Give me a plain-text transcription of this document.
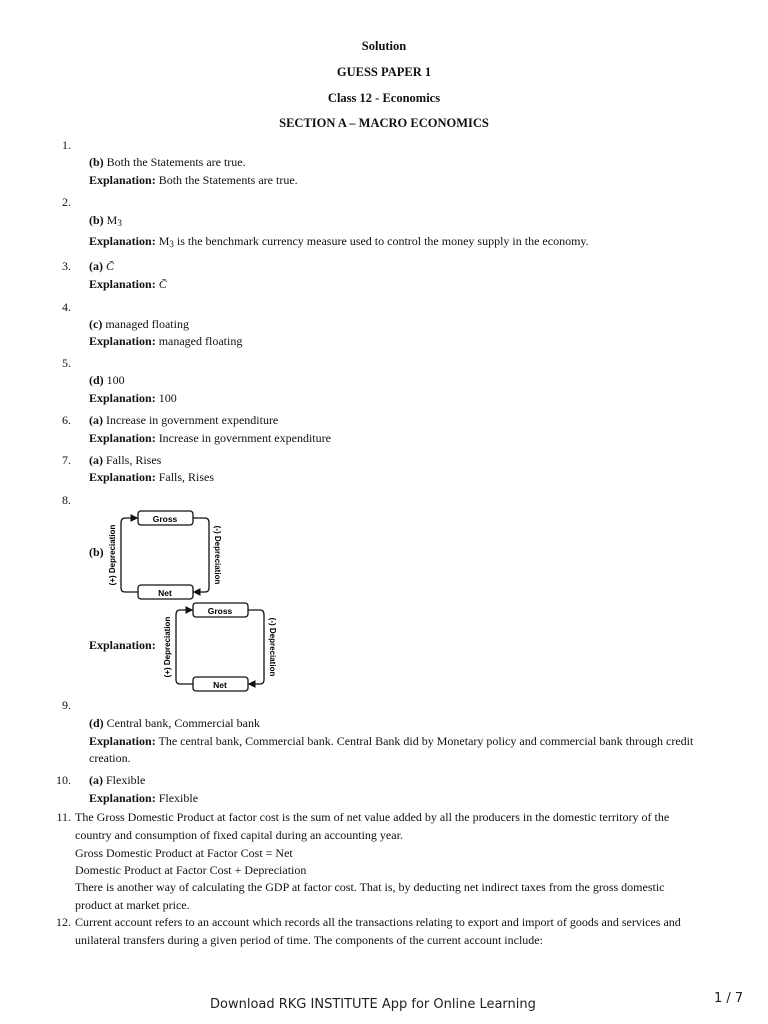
Solution
GUESS PAPER 1
Class 12 - Economics
SECTION A – MACRO ECONOMICS
1.
(b) Both the Statements are true.
Explanation: Both the Statements are true.
2.
(b) $M_3$
Explanation: $M_3$ is the benchmark currency measure used to control the money supply in the economy.
3. (a) C̄
Explanation: C̄
4.
(c) managed floating
Explanation: managed floating
5.
(d) 100
Explanation: 100
6. (a) Increase in government expenditure
Explanation: Increase in government expenditure
7. (a) Falls, Rises
Explanation: Falls, Rises
8.
(b)
Gross
Net
(+) Depreciation	(-) Depreciation
Explanation:
Gross
Net
(+) Depreciation	(-) Depreciation
9.
(d) Central bank, Commercial bank
Explanation: The central bank, Commercial bank. Central Bank did by Monetary policy and commercial bank through credit
creation.
10. (a) Flexible
Explanation: Flexible
11. The Gross Domestic Product at factor cost is the sum of net value added by all the producers in the domestic territory of the
country and consumption of fixed capital during an accounting year.
Gross Domestic Product at Factor Cost = Net
Domestic Product at Factor Cost + Depreciation
There is another way of calculating the GDP at factor cost. That is, by deducting net indirect taxes from the gross domestic
product at market price.
12. Current account refers to an account which records all the transactions relating to export and import of goods and services and
unilateral transfers during a given period of time. The components of the current account include:
Download RKG INSTITUTE App for Online Learning	1 / 7
